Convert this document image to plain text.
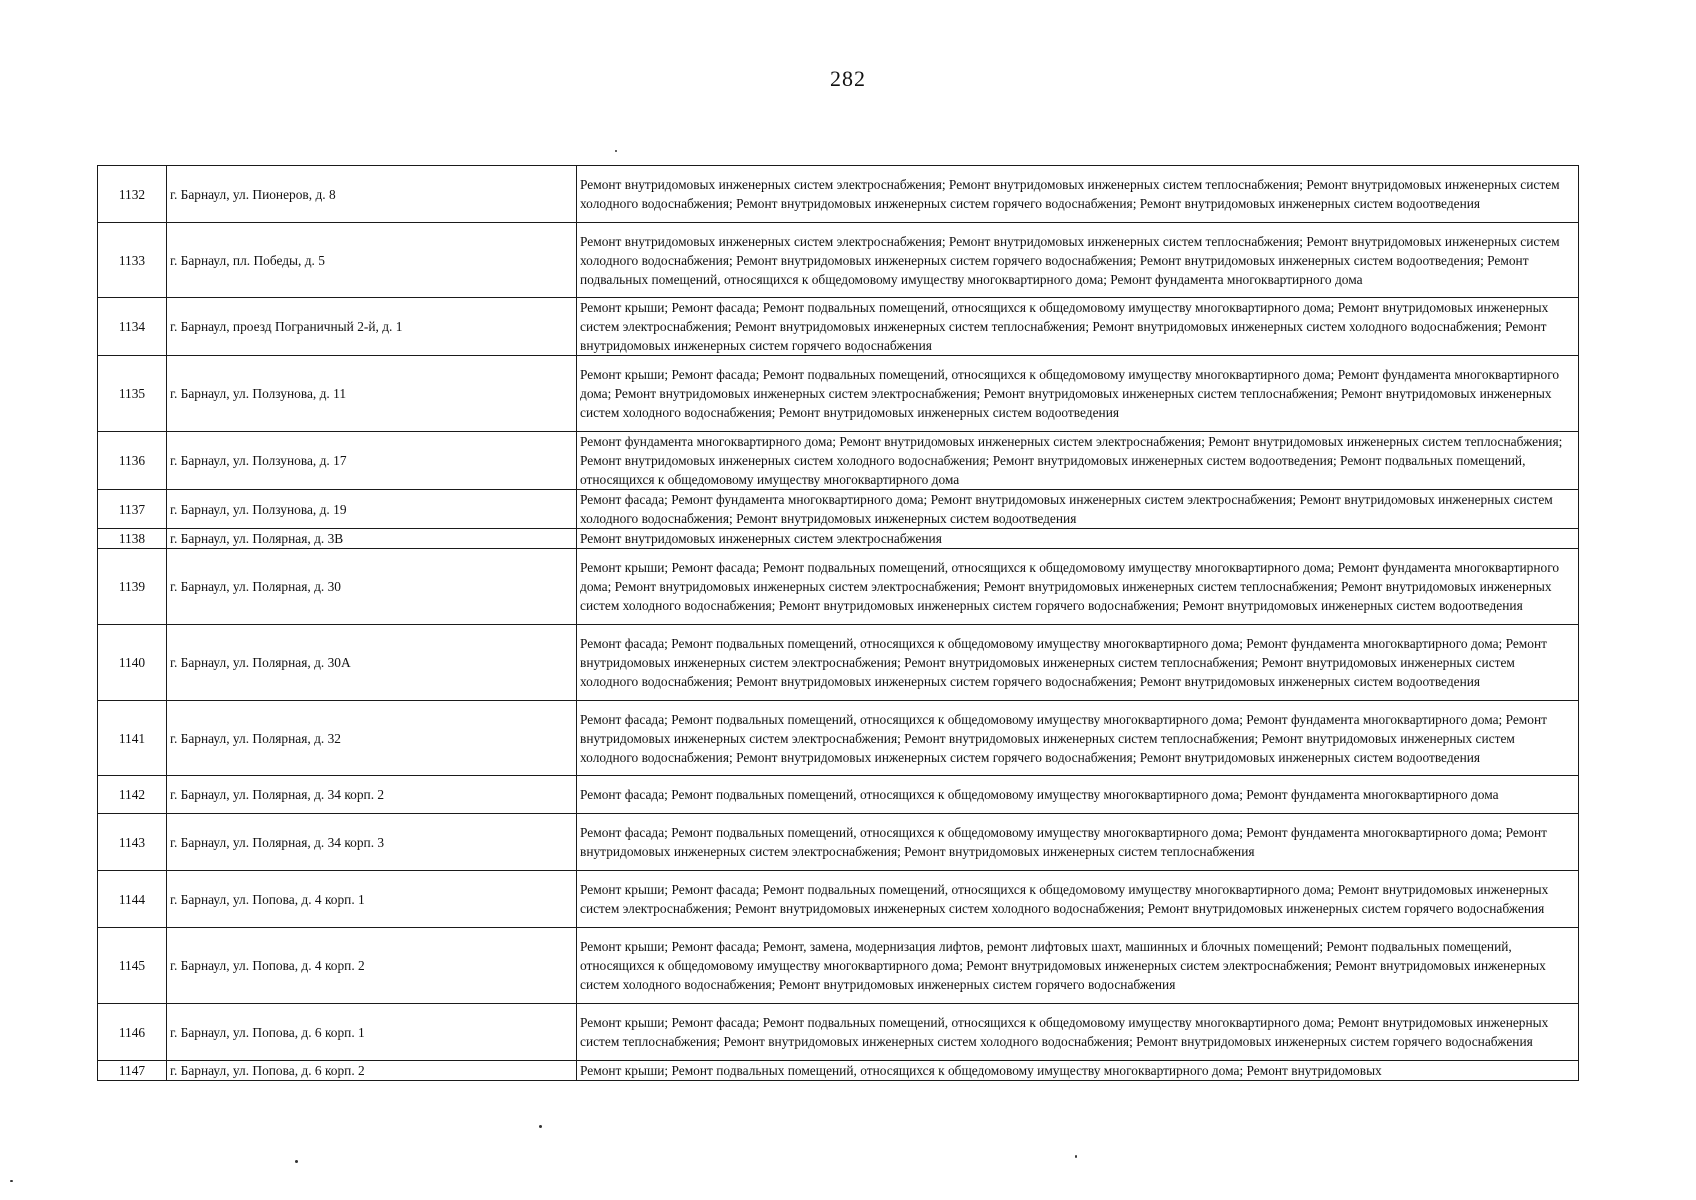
282
1132	г. Барнаул, ул. Пионеров, д. 8	Ремонт внутридомовых инженерных систем электроснабжения; Ремонт внутридомовых инженерных систем теплоснабжения; Ремонт внутридомовых инженерных систем холодного водоснабжения; Ремонт внутридомовых инженерных систем горячего водоснабжения; Ремонт внутридомовых инженерных систем водоотведения
1133	г. Барнаул, пл. Победы, д. 5	Ремонт внутридомовых инженерных систем электроснабжения; Ремонт внутридомовых инженерных систем теплоснабжения; Ремонт внутридомовых инженерных систем холодного водоснабжения; Ремонт внутридомовых инженерных систем горячего водоснабжения; Ремонт внутридомовых инженерных систем водоотведения; Ремонт подвальных помещений, относящихся к общедомовому имуществу многоквартирного дома; Ремонт фундамента многоквартирного дома
1134	г. Барнаул, проезд Пограничный 2-й, д. 1	Ремонт крыши; Ремонт фасада; Ремонт подвальных помещений, относящихся к общедомовому имуществу многоквартирного дома; Ремонт внутридомовых инженерных систем электроснабжения; Ремонт внутридомовых инженерных систем теплоснабжения; Ремонт внутридомовых инженерных систем холодного водоснабжения; Ремонт внутридомовых инженерных систем горячего водоснабжения
1135	г. Барнаул, ул. Ползунова, д. 11	Ремонт крыши; Ремонт фасада; Ремонт подвальных помещений, относящихся к общедомовому имуществу многоквартирного дома; Ремонт фундамента многоквартирного дома; Ремонт внутридомовых инженерных систем электроснабжения; Ремонт внутридомовых инженерных систем теплоснабжения; Ремонт внутридомовых инженерных систем холодного водоснабжения; Ремонт внутридомовых инженерных систем водоотведения
1136	г. Барнаул, ул. Ползунова, д. 17	Ремонт фундамента многоквартирного дома; Ремонт внутридомовых инженерных систем электроснабжения; Ремонт внутридомовых инженерных систем теплоснабжения; Ремонт внутридомовых инженерных систем холодного водоснабжения; Ремонт внутридомовых инженерных систем водоотведения; Ремонт подвальных помещений, относящихся к общедомовому имуществу многоквартирного дома
1137	г. Барнаул, ул. Ползунова, д. 19	Ремонт фасада; Ремонт фундамента многоквартирного дома; Ремонт внутридомовых инженерных систем электроснабжения; Ремонт внутридомовых инженерных систем холодного водоснабжения; Ремонт внутридомовых инженерных систем водоотведения
1138	г. Барнаул, ул. Полярная, д. 3В	Ремонт внутридомовых инженерных систем электроснабжения
1139	г. Барнаул, ул. Полярная, д. 30	Ремонт крыши; Ремонт фасада; Ремонт подвальных помещений, относящихся к общедомовому имуществу многоквартирного дома; Ремонт фундамента многоквартирного дома; Ремонт внутридомовых инженерных систем электроснабжения; Ремонт внутридомовых инженерных систем теплоснабжения; Ремонт внутридомовых инженерных систем холодного водоснабжения; Ремонт внутридомовых инженерных систем горячего водоснабжения; Ремонт внутридомовых инженерных систем водоотведения
1140	г. Барнаул, ул. Полярная, д. 30А	Ремонт фасада; Ремонт подвальных помещений, относящихся к общедомовому имуществу многоквартирного дома; Ремонт фундамента многоквартирного дома; Ремонт внутридомовых инженерных систем электроснабжения; Ремонт внутридомовых инженерных систем теплоснабжения; Ремонт внутридомовых инженерных систем холодного водоснабжения; Ремонт внутридомовых инженерных систем горячего водоснабжения; Ремонт внутридомовых инженерных систем водоотведения
1141	г. Барнаул, ул. Полярная, д. 32	Ремонт фасада; Ремонт подвальных помещений, относящихся к общедомовому имуществу многоквартирного дома; Ремонт фундамента многоквартирного дома; Ремонт внутридомовых инженерных систем электроснабжения; Ремонт внутридомовых инженерных систем теплоснабжения; Ремонт внутридомовых инженерных систем холодного водоснабжения; Ремонт внутридомовых инженерных систем горячего водоснабжения; Ремонт внутридомовых инженерных систем водоотведения
1142	г. Барнаул, ул. Полярная, д. 34 корп. 2	Ремонт фасада; Ремонт подвальных помещений, относящихся к общедомовому имуществу многоквартирного дома; Ремонт фундамента многоквартирного дома
1143	г. Барнаул, ул. Полярная, д. 34 корп. 3	Ремонт фасада; Ремонт подвальных помещений, относящихся к общедомовому имуществу многоквартирного дома; Ремонт фундамента многоквартирного дома; Ремонт внутридомовых инженерных систем электроснабжения; Ремонт внутридомовых инженерных систем теплоснабжения
1144	г. Барнаул, ул. Попова, д. 4 корп. 1	Ремонт крыши; Ремонт фасада; Ремонт подвальных помещений, относящихся к общедомовому имуществу многоквартирного дома; Ремонт внутридомовых инженерных систем электроснабжения; Ремонт внутридомовых инженерных систем холодного водоснабжения; Ремонт внутридомовых инженерных систем горячего водоснабжения
1145	г. Барнаул, ул. Попова, д. 4 корп. 2	Ремонт крыши; Ремонт фасада; Ремонт, замена, модернизация лифтов, ремонт лифтовых шахт, машинных и блочных помещений; Ремонт подвальных помещений, относящихся к общедомовому имуществу многоквартирного дома; Ремонт внутридомовых инженерных систем электроснабжения; Ремонт внутридомовых инженерных систем холодного водоснабжения; Ремонт внутридомовых инженерных систем горячего водоснабжения
1146	г. Барнаул, ул. Попова, д. 6 корп. 1	Ремонт крыши; Ремонт фасада; Ремонт подвальных помещений, относящихся к общедомовому имуществу многоквартирного дома; Ремонт внутридомовых инженерных систем теплоснабжения; Ремонт внутридомовых инженерных систем холодного водоснабжения; Ремонт внутридомовых инженерных систем горячего водоснабжения
1147	г. Барнаул, ул. Попова, д. 6 корп. 2	Ремонт крыши; Ремонт подвальных помещений, относящихся к общедомовому имуществу многоквартирного дома; Ремонт внутридомовых
